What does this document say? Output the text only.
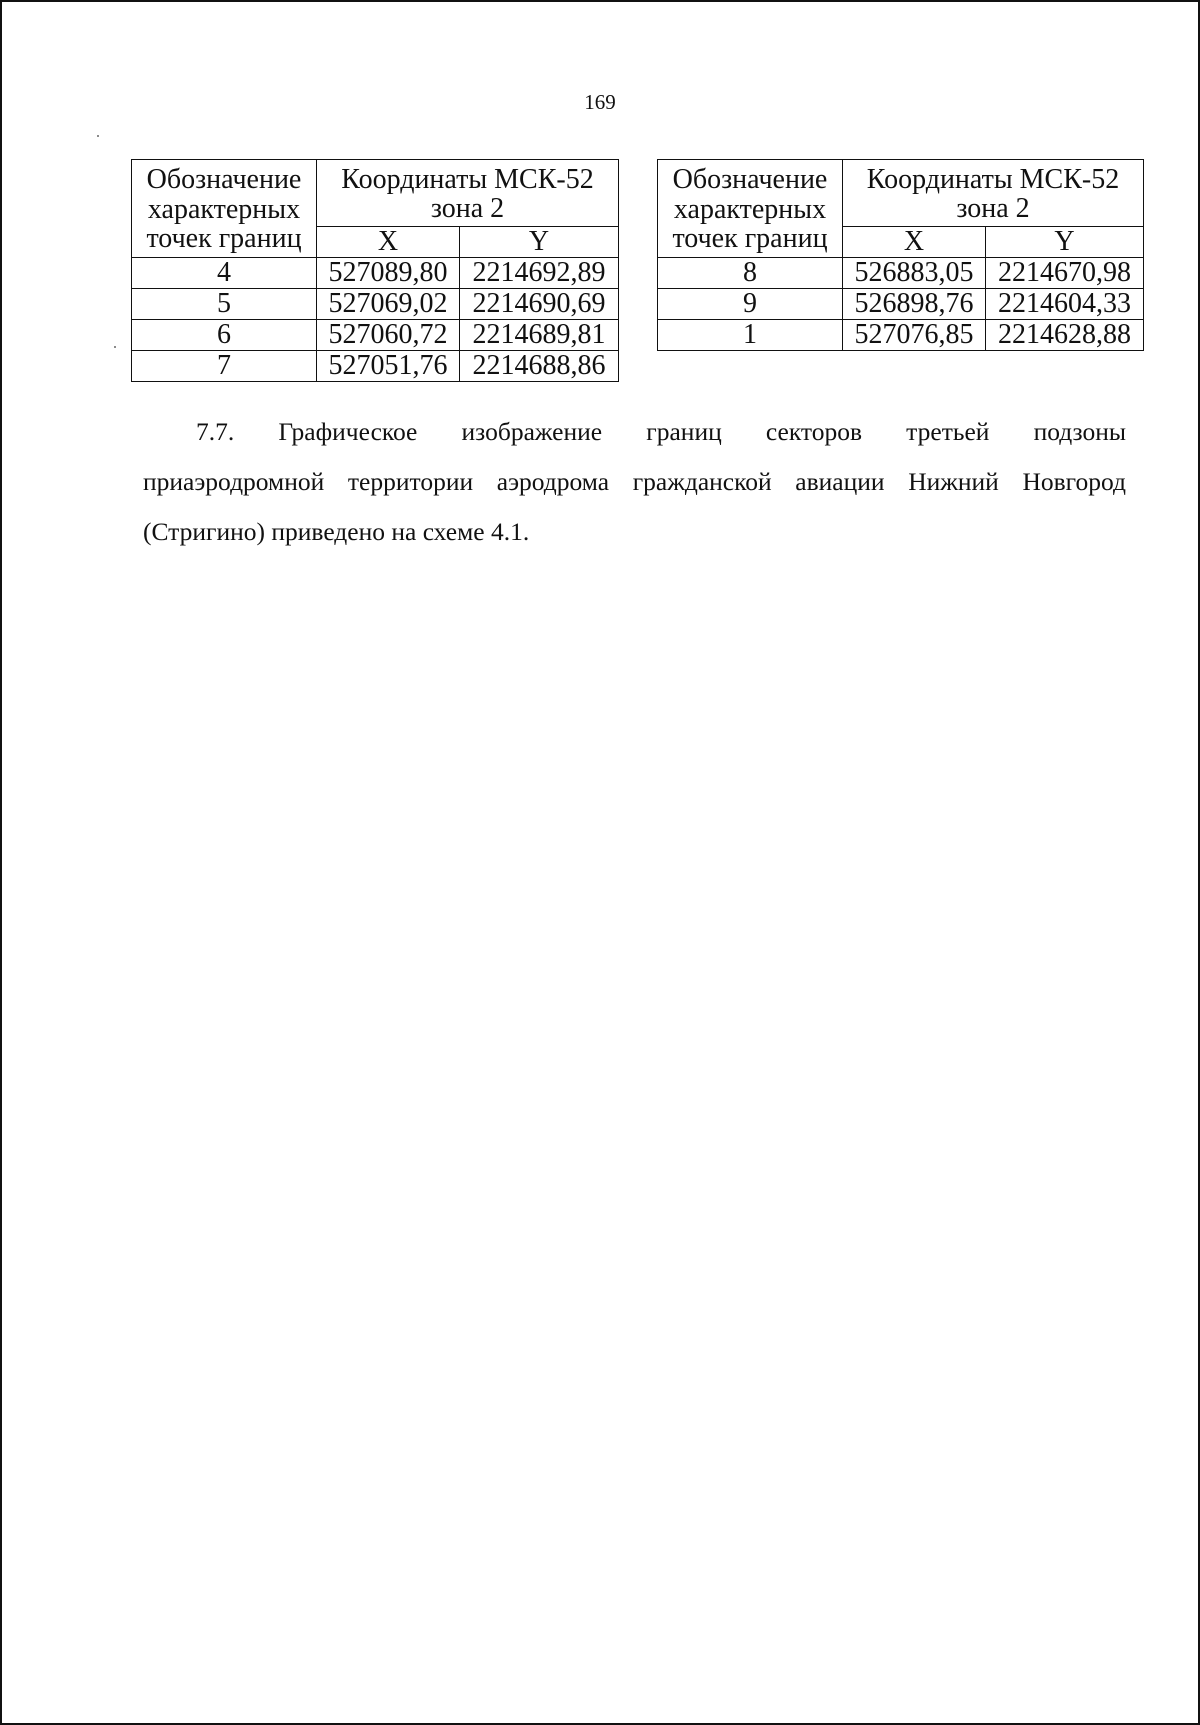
169
Обозначение характерных точек границ	Координаты МСК-52 зона 2	
	X	Y
4	527089,80	2214692,89
5	527069,02	2214690,69
6	527060,72	2214689,81
7	527051,76	2214688,86
Обозначение характерных точек границ	Координаты МСК-52 зона 2	
	X	Y
8	526883,05	2214670,98
9	526898,76	2214604,33
1	527076,85	2214628,88
7.7. Графическое изображение границ секторов третьей подзоны
приаэродромной территории аэродрома гражданской авиации Нижний Новгород (Стригино) приведено на схеме 4.1.
